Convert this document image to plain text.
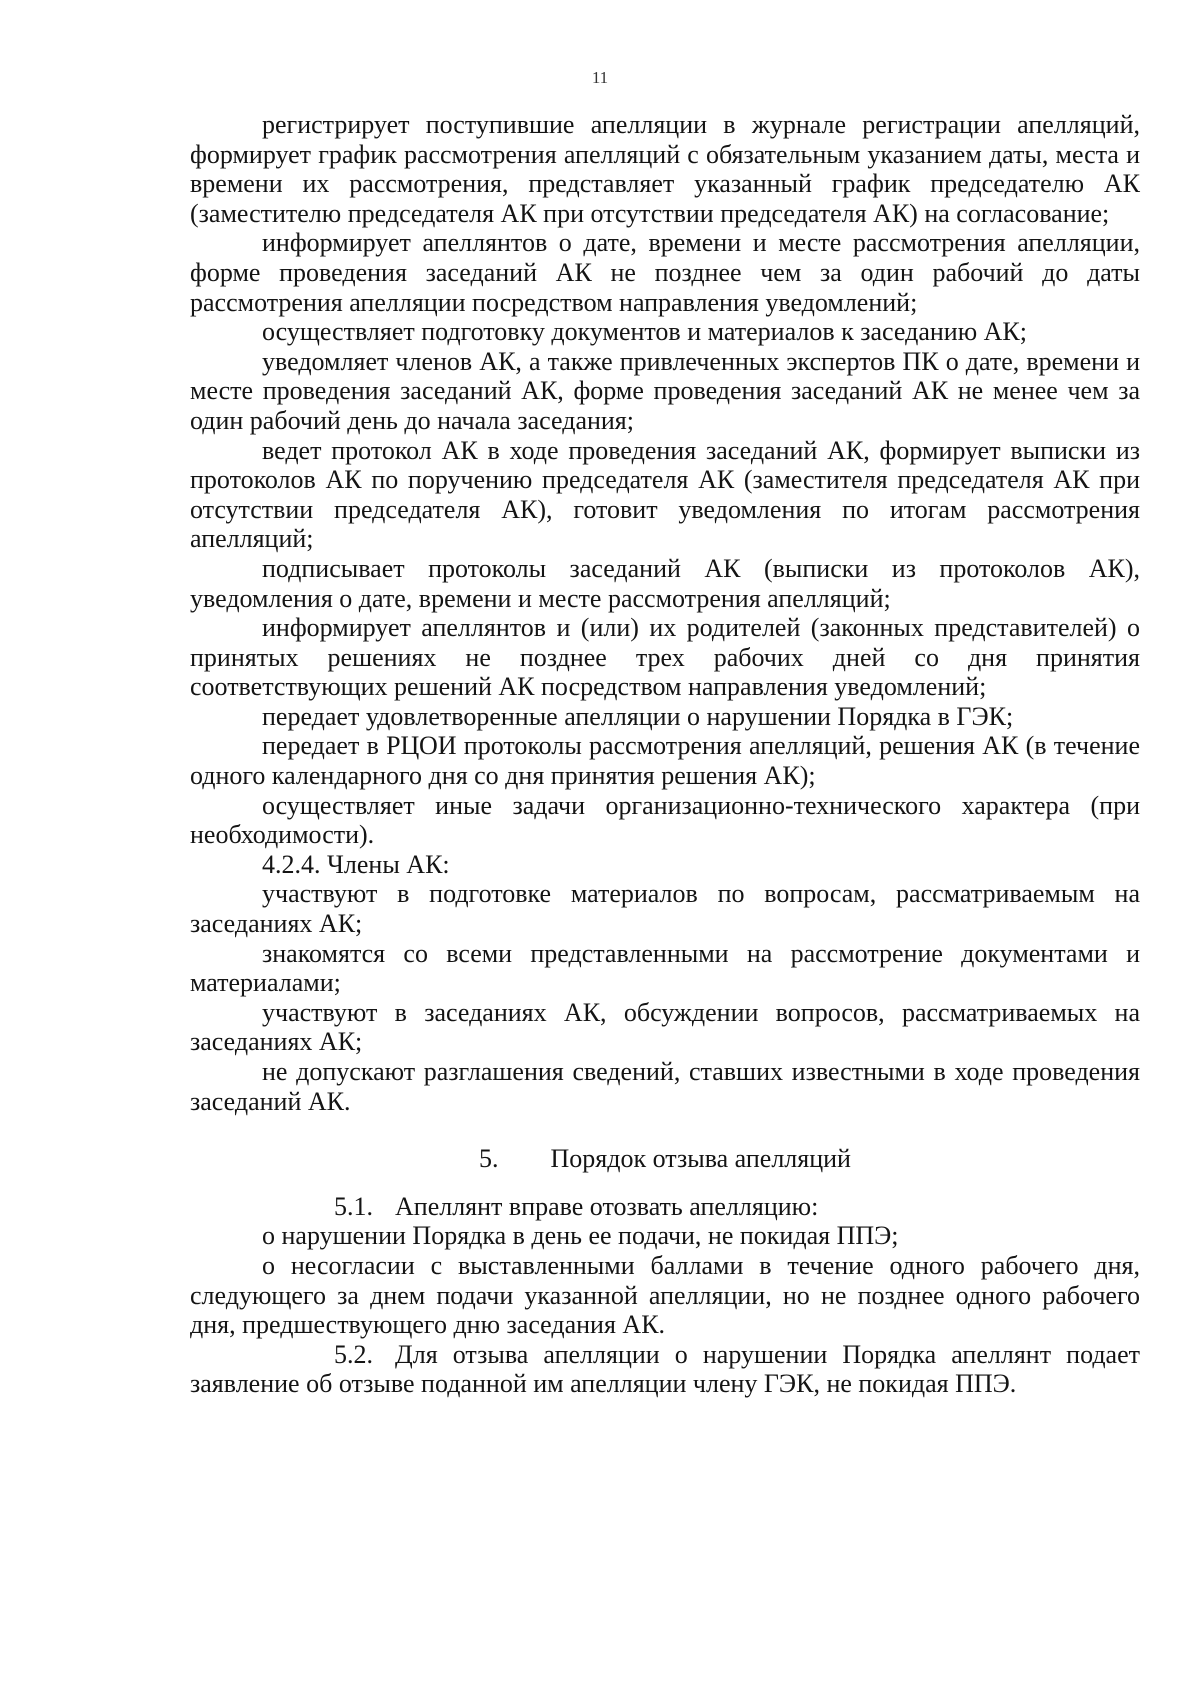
11

регистрирует поступившие апелляции в журнале регистрации апелляций, формирует график рассмотрения апелляций с обязательным указанием даты, места и времени их рассмотрения, представляет указанный график председателю АК (заместителю председателя АК при отсутствии председателя АК) на согласование;

информирует апеллянтов о дате, времени и месте рассмотрения апелляции, форме проведения заседаний АК не позднее чем за один рабочий до даты рассмотрения апелляции посредством направления уведомлений;

осуществляет подготовку документов и материалов к заседанию АК;

уведомляет членов АК, а также привлеченных экспертов ПК о дате, времени и месте проведения заседаний АК, форме проведения заседаний АК не менее чем за один рабочий день до начала заседания;

ведет протокол АК в ходе проведения заседаний АК, формирует выписки из протоколов АК по поручению председателя АК (заместителя председателя АК при отсутствии председателя АК), готовит уведомления по итогам рассмотрения апелляций;

подписывает протоколы заседаний АК (выписки из протоколов АК), уведомления о дате, времени и месте рассмотрения апелляций;

информирует апеллянтов и (или) их родителей (законных представителей) о принятых решениях не позднее трех рабочих дней со дня принятия соответствующих решений АК посредством направления уведомлений;

передает удовлетворенные апелляции о нарушении Порядка в ГЭК;

передает в РЦОИ протоколы рассмотрения апелляций, решения АК (в течение одного календарного дня со дня принятия решения АК);

осуществляет иные задачи организационно-технического характера (при необходимости).

4.2.4. Члены АК:

участвуют в подготовке материалов по вопросам, рассматриваемым на заседаниях АК;

знакомятся со всеми представленными на рассмотрение документами и материалами;

участвуют в заседаниях АК, обсуждении вопросов, рассматриваемых на заседаниях АК;

не допускают разглашения сведений, ставших известными в ходе проведения заседаний АК.

5. Порядок отзыва апелляций

5.1. Апеллянт вправе отозвать апелляцию:

о нарушении Порядка в день ее подачи, не покидая ППЭ;

о несогласии с выставленными баллами в течение одного рабочего дня, следующего за днем подачи указанной апелляции, но не позднее одного рабочего дня, предшествующего дню заседания АК.

5.2. Для отзыва апелляции о нарушении Порядка апеллянт подает заявление об отзыве поданной им апелляции члену ГЭК, не покидая ППЭ.
